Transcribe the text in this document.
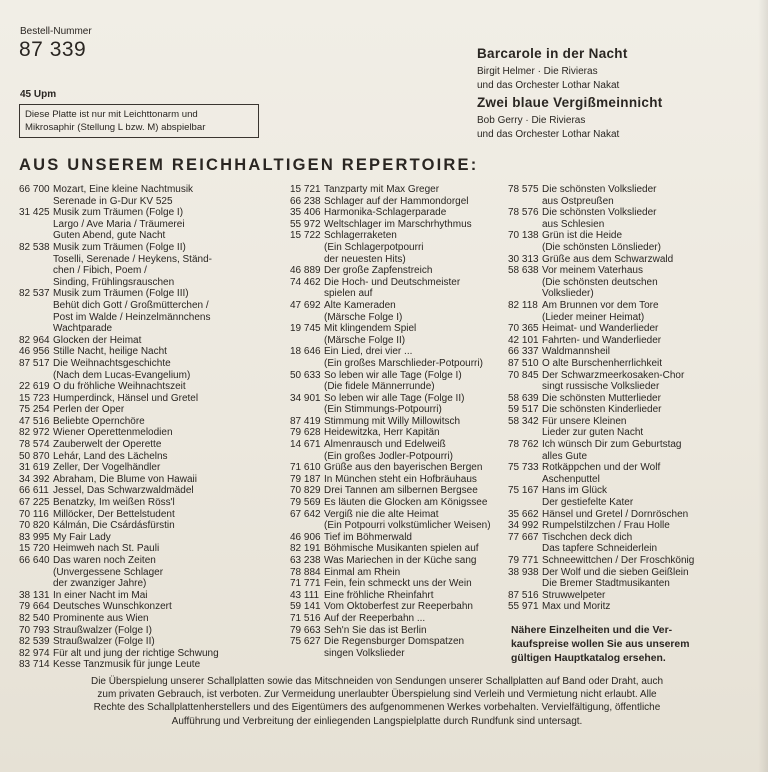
Bestell-Nummer
87 339
45 Upm
Diese Platte ist nur mit Leichttonarm und
Mikrosaphir (Stellung L bzw. M) abspielbar
Barcarole in der Nacht
Birgit Helmer · Die Rivieras
und das Orchester Lothar Nakat
Zwei blaue Vergißmeinnicht
Bob Gerry · Die Rivieras
und das Orchester Lothar Nakat
AUS UNSEREM REICHHALTIGEN REPERTOIRE:
66 700 Mozart, Eine kleine Nachtmusik
Serenade in G-Dur KV 525
31 425 Musik zum Träumen (Folge I)
Largo / Ave Maria / Träumerei
Guten Abend, gute Nacht
82 538 Musik zum Träumen (Folge II)
Toselli, Serenade / Heykens, Ständ-
chen / Fibich, Poem /
Sinding, Frühlingsrauschen
82 537 Musik zum Träumen (Folge III)
Behüt dich Gott / Großmütterchen /
Post im Walde / Heinzelmännchens
Wachtparade
82 964 Glocken der Heimat
46 956 Stille Nacht, heilige Nacht
87 517 Die Weihnachtsgeschichte
(Nach dem Lucas-Evangelium)
22 619 O du fröhliche Weihnachtszeit
15 723 Humperdinck, Hänsel und Gretel
75 254 Perlen der Oper
47 516 Beliebte Opernchöre
82 972 Wiener Operettenmelodien
78 574 Zauberwelt der Operette
50 870 Lehár, Land des Lächelns
31 619 Zeller, Der Vogelhändler
34 392 Abraham, Die Blume von Hawaii
66 611 Jessel, Das Schwarzwaldmädel
67 225 Benatzky, Im weißen Röss'l
70 116 Millöcker, Der Bettelstudent
70 820 Kálmán, Die Csárdásfürstin
83 995 My Fair Lady
15 720 Heimweh nach St. Pauli
66 640 Das waren noch Zeiten
(Unvergessene Schlager
der zwanziger Jahre)
38 131 In einer Nacht im Mai
79 664 Deutsches Wunschkonzert
82 540 Prominente aus Wien
70 793 Straußwalzer (Folge I)
82 539 Straußwalzer (Folge II)
82 974 Für alt und jung der richtige Schwung
83 714 Kesse Tanzmusik für junge Leute
15 721 Tanzparty mit Max Greger
66 238 Schlager auf der Hammondorgel
35 406 Harmonika-Schlagerparade
55 972 Weltschlager im Marschrhythmus
15 722 Schlagerraketen
(Ein Schlagerpotpourri
der neuesten Hits)
46 889 Der große Zapfenstreich
74 462 Die Hoch- und Deutschmeister
spielen auf
47 692 Alte Kameraden
(Märsche Folge I)
19 745 Mit klingendem Spiel
(Märsche Folge II)
18 646 Ein Lied, drei vier ...
(Ein großes Marschlieder-Potpourri)
50 633 So leben wir alle Tage (Folge I)
(Die fidele Männerrunde)
34 901 So leben wir alle Tage (Folge II)
(Ein Stimmungs-Potpourri)
87 419 Stimmung mit Willy Millowitsch
79 628 Heidewitzka, Herr Kapitän
14 671 Almenrausch und Edelweiß
(Ein großes Jodler-Potpourri)
71 610 Grüße aus den bayerischen Bergen
79 187 In München steht ein Hofbräuhaus
70 829 Drei Tannen am silbernen Bergsee
79 569 Es läuten die Glocken am Königssee
67 642 Vergiß nie die alte Heimat
(Ein Potpourri volkstümlicher Weisen)
46 906 Tief im Böhmerwald
82 191 Böhmische Musikanten spielen auf
63 238 Was Mariechen in der Küche sang
78 884 Einmal am Rhein
71 771 Fein, fein schmeckt uns der Wein
43 111 Eine fröhliche Rheinfahrt
59 141 Vom Oktoberfest zur Reeperbahn
71 516 Auf der Reeperbahn ...
79 663 Seh'n Sie das ist Berlin
75 627 Die Regensburger Domspatzen
singen Volkslieder
78 575 Die schönsten Volkslieder
aus Ostpreußen
78 576 Die schönsten Volkslieder
aus Schlesien
70 138 Grün ist die Heide
(Die schönsten Lönslieder)
30 313 Grüße aus dem Schwarzwald
58 638 Vor meinem Vaterhaus
(Die schönsten deutschen
Volkslieder)
82 118 Am Brunnen vor dem Tore
(Lieder meiner Heimat)
70 365 Heimat- und Wanderlieder
42 101 Fahrten- und Wanderlieder
66 337 Waldmannsheil
87 510 O alte Burschenherrlichkeit
70 845 Der Schwarzmeerkosaken-Chor
singt russische Volkslieder
58 639 Die schönsten Mutterlieder
59 517 Die schönsten Kinderlieder
58 342 Für unsere Kleinen
Lieder zur guten Nacht
78 762 Ich wünsch Dir zum Geburtstag
alles Gute
75 733 Rotkäppchen und der Wolf
Aschenputtel
75 167 Hans im Glück
Der gestiefelte Kater
35 662 Hänsel und Gretel / Dornröschen
34 992 Rumpelstilzchen / Frau Holle
77 667 Tischchen deck dich
Das tapfere Schneiderlein
79 771 Schneewittchen / Der Froschkönig
38 938 Der Wolf und die sieben Geißlein
Die Bremer Stadtmusikanten
87 516 Struwwelpeter
55 971 Max und Moritz
Nähere Einzelheiten und die Ver-
kaufspreise wollen Sie aus unserem
gültigen Hauptkatalog ersehen.
Die Überspielung unserer Schallplatten sowie das Mitschneiden von Sendungen unserer Schallplatten auf Band oder Draht, auch
zum privaten Gebrauch, ist verboten. Zur Vermeidung unerlaubter Überspielung sind Verleih und Vermietung nicht erlaubt. Alle
Rechte des Schallplattenherstellers und des Eigentümers des aufgenommenen Werkes vorbehalten. Vervielfältigung, öffentliche
Aufführung und Verbreitung der einliegenden Langspielplatte durch Rundfunk sind untersagt.
